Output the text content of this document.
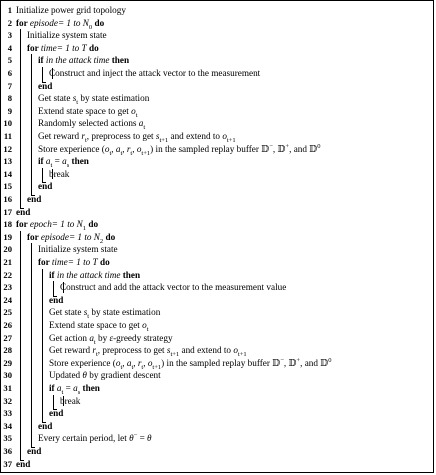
1 Initialize power grid topology
2 for episode= 1 to $N_0$ do
3 Initialize system state
4 for time= 1 to T do
5	if in the attack time then
6	Construct and inject the attack vector to the measurement
7	end
8	Get state $s_t$ by state estimation
9	Extend state space to get $o_t$
10	Randomly selected actions $a_t$
11	Get reward $r_t$, preprocess to get $s_{t+1}$ and extend to $o_{t+1}$
12	Store experience ($o_t$, $a_t$, $r_t$, $o_{t+1}$) in the sampled replay buffer 𝔻−, 𝔻+, and 𝔻$^0$
13	if $a_t = a_s$ then
14	break
15	end
16 end
17 end
18 for epoch= 1 to $N_1$ do
19 for episode= 1 to $N_2$ do
20	Initialize system state
21	for time= 1 to T do
22	if in the attack time then
23	Construct and add the attack vector to the measurement value
24	end
25	Get state $s_t$ by state estimation
26	Extend state space to get $o_t$
27	Get action $a_t$ by ε-greedy strategy
28	Get reward $r_t$, preprocess to get $s_{t+1}$ and extend to $o_{t+1}$
29	Store experience ($o_t$, $a_t$, $r_t$, $o_{t+1}$) in the sampled replay buffer 𝔻−, 𝔻+, and 𝔻$^0$
30	Updated θ by gradient descent
31	if $a_t = a_s$ then
32	break
33	end
34	end
35	Every certain period, let θ− = θ
36 end
37 end
